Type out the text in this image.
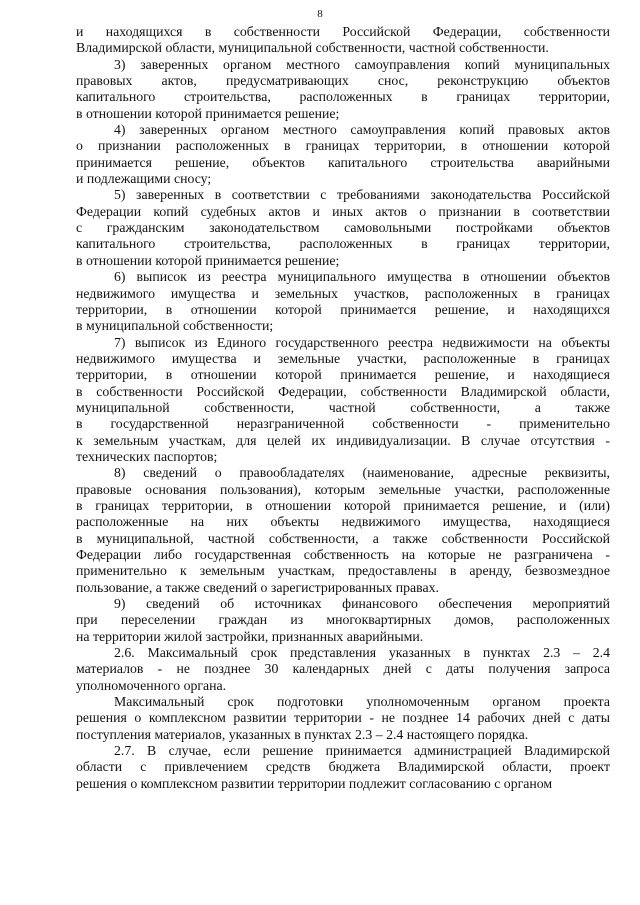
8

и находящихся в собственности Российской Федерации, собственности

Владимирской области, муниципальной собственности, частной собственности.

3) заверенных органом местного самоуправления копий муниципальных

правовых актов, предусматривающих снос, реконструкцию объектов

капитального строительства, расположенных в границах территории,

в отношении которой принимается решение;

4) заверенных органом местного самоуправления копий правовых актов

о признании расположенных в границах территории, в отношении которой

принимается решение, объектов капитального строительства аварийными

и подлежащими сносу;

5) заверенных в соответствии с требованиями законодательства Российской

Федерации копий судебных актов и иных актов о признании в соответствии

с гражданским законодательством самовольными постройками объектов

капитального строительства, расположенных в границах территории,

в отношении которой принимается решение;

6) выписок из реестра муниципального имущества в отношении объектов

недвижимого имущества и земельных участков, расположенных в границах

территории, в отношении которой принимается решение, и находящихся

в муниципальной собственности;

7) выписок из Единого государственного реестра недвижимости на объекты

недвижимого имущества и земельные участки, расположенные в границах

территории, в отношении которой принимается решение, и находящиеся

в собственности Российской Федерации, собственности Владимирской области,

муниципальной собственности, частной собственности, а также

в государственной неразграниченной собственности - применительно

к земельным участкам, для целей их индивидуализации. В случае отсутствия -

технических паспортов;

8) сведений о правообладателях (наименование, адресные реквизиты,

правовые основания пользования), которым земельные участки, расположенные

в границах территории, в отношении которой принимается решение, и (или)

расположенные на них объекты недвижимого имущества, находящиеся

в муниципальной, частной собственности, а также собственности Российской

Федерации либо государственная собственность на которые не разграничена -

применительно к земельным участкам, предоставлены в аренду, безвозмездное

пользование, а также сведений о зарегистрированных правах.

9) сведений об источниках финансового обеспечения мероприятий

при переселении граждан из многоквартирных домов, расположенных

на территории жилой застройки, признанных аварийными.

2.6. Максимальный срок представления указанных в пунктах 2.3 – 2.4

материалов - не позднее 30 календарных дней с даты получения запроса

уполномоченного органа.

Максимальный срок подготовки уполномоченным органом проекта

решения о комплексном развитии территории - не позднее 14 рабочих дней с даты

поступления материалов, указанных в пунктах 2.3 – 2.4 настоящего порядка.

2.7. В случае, если решение принимается администрацией Владимирской

области с привлечением средств бюджета Владимирской области, проект

решения о комплексном развитии территории подлежит согласованию с органом
